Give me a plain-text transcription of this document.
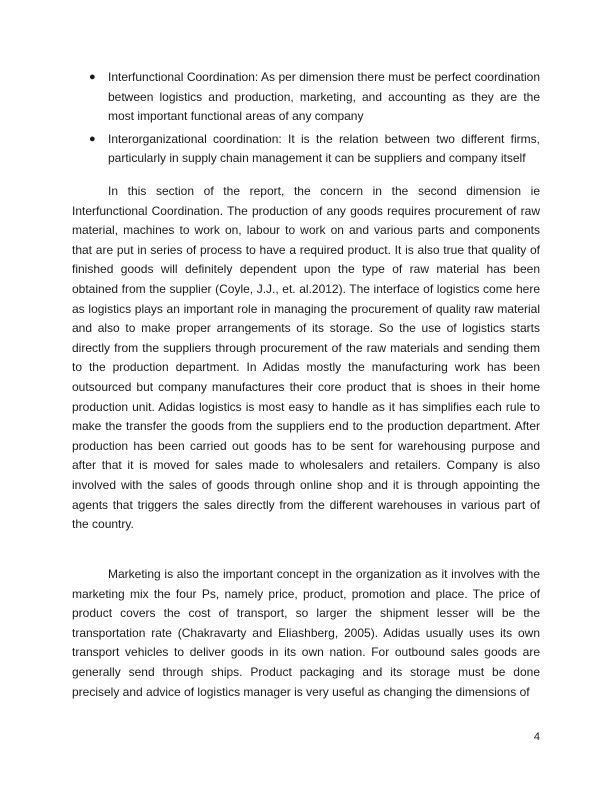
● Interfunctional Coordination: As per dimension there must be perfect coordination between logistics and production, marketing, and accounting as they are the most important functional areas of any company
● Interorganizational coordination: It is the relation between two different firms, particularly in supply chain management it can be suppliers and company itself

In this section of the report, the concern in the second dimension ie Interfunctional Coordination. The production of any goods requires procurement of raw material, machines to work on, labour to work on and various parts and components that are put in series of process to have a required product. It is also true that quality of finished goods will definitely dependent upon the type of raw material has been obtained from the supplier (Coyle, J.J., et. al.2012). The interface of logistics come here as logistics plays an important role in managing the procurement of quality raw material and also to make proper arrangements of its storage. So the use of logistics starts directly from the suppliers through procurement of the raw materials and sending them to the production department. In Adidas mostly the manufacturing work has been outsourced but company manufactures their core product that is shoes in their home production unit. Adidas logistics is most easy to handle as it has simplifies each rule to make the transfer the goods from the suppliers end to the production department. After production has been carried out goods has to be sent for warehousing purpose and after that it is moved for sales made to wholesalers and retailers. Company is also involved with the sales of goods through online shop and it is through appointing the agents that triggers the sales directly from the different warehouses in various part of the country.

Marketing is also the important concept in the organization as it involves with the marketing mix the four Ps, namely price, product, promotion and place. The price of product covers the cost of transport, so larger the shipment lesser will be the transportation rate (Chakravarty and Eliashberg, 2005). Adidas usually uses its own transport vehicles to deliver goods in its own nation. For outbound sales goods are generally send through ships. Product packaging and its storage must be done precisely and advice of logistics manager is very useful as changing the dimensions of

4
